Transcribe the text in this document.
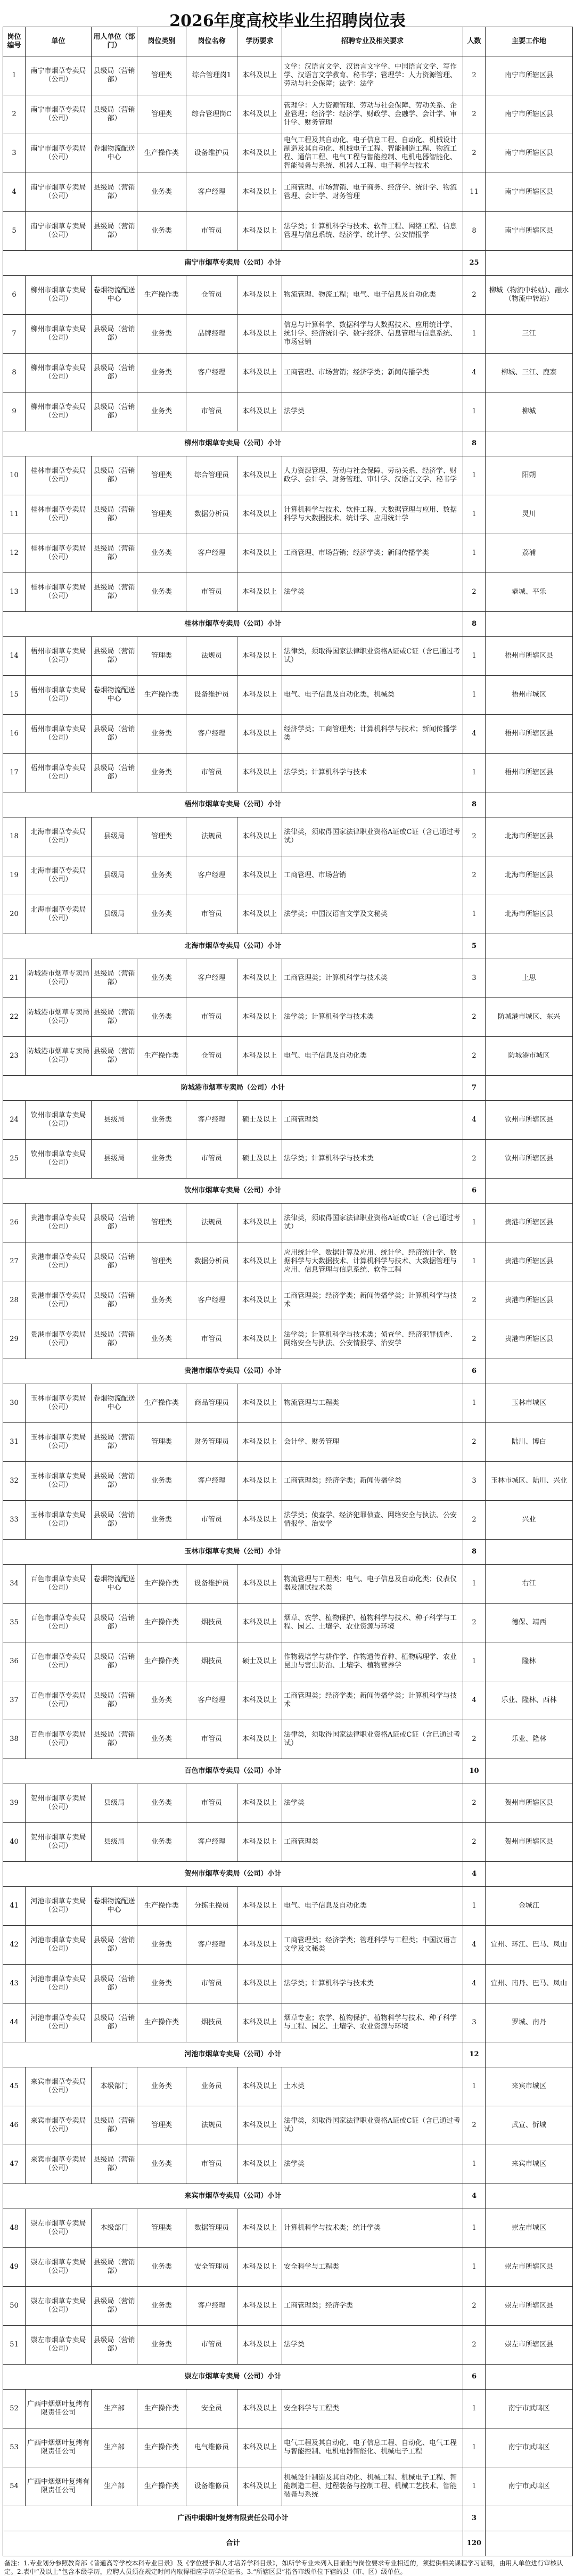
2026年度高校毕业生招聘岗位表
岗位编号	单位	用人单位（部门）	岗位类别	岗位名称	学历要求	招聘专业及相关要求	人数	主要工作地
1	南宁市烟草专卖局（公司）	县级局（营销部）	管理类	综合管理岗1	本科及以上	文学：汉语言文学、汉语言文字学、中国语言文学、写作学、汉语言文学教育、秘书学；管理学：人力资源管理、劳动与社会保障；法学：法学	2	南宁市所辖区县
2	南宁市烟草专卖局（公司）	县级局（营销部）	管理类	综合管理岗C	本科及以上	管理学：人力资源管理、劳动与社会保障、劳动关系、企业管理；经济学：经济学、财政学、金融学、会计学、审计学、财务管理	2	南宁市所辖区县
3	南宁市烟草专卖局（公司）	卷烟物流配送中心	生产操作类	设备维护员	本科及以上	电气工程及其自动化、电子信息工程、自动化、机械设计制造及其自动化、机械电子工程、智能制造工程、物流工程、通信工程、电气工程与智能控制、电机电器智能化、智能装备与系统、机器人工程、电子科学与技术	2	南宁市所辖区县
4	南宁市烟草专卖局（公司）	县级局（营销部）	业务类	客户经理	本科及以上	工商管理、市场营销、电子商务、经济学、统计学、物流管理、会计学、财务管理	11	南宁市所辖区县
5	南宁市烟草专卖局（公司）	县级局（营销部）	业务类	市管员	本科及以上	法学类；计算机科学与技术、软件工程、网络工程、信息管理与信息系统、经济学、统计学、公安情报学	8	南宁市所辖区县
南宁市烟草专卖局（公司）小计							25	
6	柳州市烟草专卖局（公司）	卷烟物流配送中心	生产操作类	仓管员	本科及以上	物流管理、物流工程；电气、电子信息及自动化类	2	柳城（物流中转站）、融水（物流中转站）
7	柳州市烟草专卖局（公司）	县级局（营销部）	业务类	品牌经理	本科及以上	信息与计算科学、数据科学与大数据技术、应用统计学、统计学、经济统计学、数字经济、信息管理与信息系统、市场营销	1	三江
8	柳州市烟草专卖局（公司）	县级局（营销部）	业务类	客户经理	本科及以上	工商管理、市场营销；经济学类；新闻传播学类	4	柳城、三江、鹿寨
9	柳州市烟草专卖局（公司）	县级局（营销部）	业务类	市管员	本科及以上	法学类	1	柳城
柳州市烟草专卖局（公司）小计							8	
10	桂林市烟草专卖局（公司）	县级局（营销部）	管理类	综合管理员	本科及以上	人力资源管理、劳动与社会保障、劳动关系、经济学、财政学、会计学、财务管理、审计学、汉语言文学、秘书学	1	阳朔
11	桂林市烟草专卖局（公司）	县级局（营销部）	管理类	数据分析员	本科及以上	计算机科学与技术、软件工程、大数据管理与应用、数据科学与大数据技术、统计学、应用统计学	1	灵川
12	桂林市烟草专卖局（公司）	县级局（营销部）	业务类	客户经理	本科及以上	工商管理、市场营销；经济学类；新闻传播学类	1	荔浦
13	桂林市烟草专卖局（公司）	县级局（营销部）	业务类	市管员	本科及以上	法学类	2	恭城、平乐
桂林市烟草专卖局（公司）小计							8	
14	梧州市烟草专卖局（公司）	县级局（营销部）	管理类	法规员	本科及以上	法律类，须取得国家法律职业资格A证或C证（含已通过考试）	1	梧州市所辖区县
15	梧州市烟草专卖局（公司）	卷烟物流配送中心	生产操作类	设备维护员	本科及以上	电气、电子信息及自动化类，机械类	1	梧州市城区
16	梧州市烟草专卖局（公司）	县级局（营销部）	业务类	客户经理	本科及以上	经济学类；工商管理类；计算机科学与技术；新闻传播学类	4	梧州市所辖区县
17	梧州市烟草专卖局（公司）	县级局（营销部）	业务类	市管员	本科及以上	法学类；计算机科学与技术	1	梧州市所辖区县
梧州市烟草专卖局（公司）小计							8	
18	北海市烟草专卖局（公司）	县级局	管理类	法规员	本科及以上	法律类，须取得国家法律职业资格A证或C证（含已通过考试）	2	北海市所辖区县
19	北海市烟草专卖局（公司）	县级局	业务类	客户经理	本科及以上	工商管理、市场营销	2	北海市所辖区县
20	北海市烟草专卖局（公司）	县级局	业务类	市管员	本科及以上	法学类；中国汉语言文学及文秘类	1	北海市所辖区县
北海市烟草专卖局（公司）小计							5	
21	防城港市烟草专卖局（公司）	县级局（营销部）	业务类	客户经理	本科及以上	工商管理类；计算机科学与技术类	3	上思
22	防城港市烟草专卖局（公司）	县级局（营销部）	业务类	市管员	本科及以上	法学类；计算机科学与技术类	2	防城港市城区、东兴
23	防城港市烟草专卖局（公司）	县级局（营销部）	生产操作类	仓管员	本科及以上	电气、电子信息及自动化类	2	防城港市城区
防城港市烟草专卖局（公司）小计							7	
24	钦州市烟草专卖局（公司）	县级局	业务类	客户经理	硕士及以上	工商管理类	4	钦州市所辖区县
25	钦州市烟草专卖局（公司）	县级局	业务类	市管员	硕士及以上	法学类；计算机科学与技术类	2	钦州市所辖区县
钦州市烟草专卖局（公司）小计							6	
26	贵港市烟草专卖局（公司）	县级局（营销部）	管理类	法规员	本科及以上	法律类，须取得国家法律职业资格A证或C证（含已通过考试）	1	贵港市所辖区县
27	贵港市烟草专卖局（公司）	县级局（营销部）	管理类	数据分析员	本科及以上	应用统计学、数据计算及应用、统计学、经济统计学、数据科学与大数据技术、计算机科学与技术、大数据管理与应用、信息管理与信息系统、软件工程	1	贵港市所辖区县
28	贵港市烟草专卖局（公司）	县级局（营销部）	业务类	客户经理	本科及以上	工商管理类；经济学类；新闻传播学类；计算机科学与技术	2	贵港市所辖区县
29	贵港市烟草专卖局（公司）	县级局（营销部）	业务类	市管员	本科及以上	法学类；计算机科学与技术类；侦查学、经济犯罪侦查、网络安全与执法、公安情报学、治安学	2	贵港市所辖区县
贵港市烟草专卖局（公司）小计							6	
30	玉林市烟草专卖局（公司）	卷烟物流配送中心	生产操作类	商品管理员	本科及以上	物流管理与工程类	1	玉林市城区
31	玉林市烟草专卖局（公司）	县级局（营销部）	管理类	财务管理员	本科及以上	会计学、财务管理	2	陆川、博白
32	玉林市烟草专卖局（公司）	县级局（营销部）	业务类	客户经理	本科及以上	工商管理类；经济学类；新闻传播学类	3	玉林市城区、陆川、兴业
33	玉林市烟草专卖局（公司）	县级局（营销部）	业务类	市管员	本科及以上	法学类；侦查学、经济犯罪侦查、网络安全与执法、公安情报学、治安学	2	兴业
玉林市烟草专卖局（公司）小计							8	
34	百色市烟草专卖局（公司）	卷烟物流配送中心	生产操作类	设备维护员	本科及以上	物流管理与工程类；电气、电子信息及自动化类；仪表仪器及测试技术类	1	右江
35	百色市烟草专卖局（公司）	县级局（营销部）	生产操作类	烟技员	本科及以上	烟草、农学、植物保护、植物科学与技术、种子科学与工程、园艺、土壤学、农业资源与环境	2	德保、靖西
36	百色市烟草专卖局（公司）	县级局（营销部）	生产操作类	烟技员	硕士及以上	作物栽培学与耕作学、作物遗传育种、植物病理学、农业昆虫与害虫防治、土壤学、植物营养学	1	隆林
37	百色市烟草专卖局（公司）	县级局（营销部）	业务类	客户经理	本科及以上	工商管理类；经济学类；新闻传播学类；计算机科学与技术	4	乐业、隆林、西林
38	百色市烟草专卖局（公司）	县级局（营销部）	业务类	市管员	本科及以上	法律类，须取得国家法律职业资格A证或C证（含已通过考试）	2	乐业、隆林
百色市烟草专卖局（公司）小计							10	
39	贺州市烟草专卖局（公司）	县级局	业务类	市管员	本科及以上	法学类	2	贺州市所辖区县
40	贺州市烟草专卖局（公司）	县级局	业务类	客户经理	本科及以上	工商管理类	2	贺州市所辖区县
贺州市烟草专卖局（公司）小计							4	
41	河池市烟草专卖局（公司）	卷烟物流配送中心	生产操作类	分拣主操员	本科及以上	电气、电子信息及自动化类	1	金城江
42	河池市烟草专卖局（公司）	县级局（营销部）	业务类	客户经理	本科及以上	工商管理类；经济学类；管理科学与工程类；中国汉语言文学及文秘类	4	宜州、环江、巴马、凤山
43	河池市烟草专卖局（公司）	县级局（营销部）	业务类	市管员	本科及以上	法学类；计算机科学与技术类	4	宜州、南丹、巴马、凤山
44	河池市烟草专卖局（公司）	县级局（营销部）	生产操作类	烟技员	本科及以上	烟草专业；农学、植物保护、植物科学与技术、种子科学与工程、园艺、土壤学、农业资源与环境	3	罗城、南丹
河池市烟草专卖局（公司）小计							12	
45	来宾市烟草专卖局（公司）	本级部门	业务类	业务员	本科及以上	土木类	1	来宾市城区
46	来宾市烟草专卖局（公司）	县级局（营销部）	管理类	法规员	本科及以上	法律类，须取得国家法律职业资格A证或C证（含已通过考试）	2	武宣、忻城
47	来宾市烟草专卖局（公司）	县级局（营销部）	业务类	市管员	本科及以上	法学类	1	来宾市城区
来宾市烟草专卖局（公司）小计							4	
48	崇左市烟草专卖局（公司）	本级部门	管理类	数据管理员	本科及以上	计算机科学与技术类；统计学类	1	崇左市城区
49	崇左市烟草专卖局（公司）	县级局（营销部）	业务类	安全管理员	本科及以上	安全科学与工程类	1	崇左市所辖区县
50	崇左市烟草专卖局（公司）	县级局（营销部）	业务类	客户经理	本科及以上	工商管理类；经济学类	2	崇左市所辖区县
51	崇左市烟草专卖局（公司）	县级局（营销部）	业务类	市管员	本科及以上	法学类	2	崇左市所辖区县
崇左市烟草专卖局（公司）小计							6	
52	广西中烟烟叶复烤有限责任公司	生产部	生产操作类	安全员	本科及以上	安全科学与工程类	1	南宁市武鸣区
53	广西中烟烟叶复烤有限责任公司	生产部	生产操作类	电气维修员	本科及以上	电气工程及其自动化、电子信息工程、自动化、电气工程与智能控制、电机电器智能化、机械电子工程	1	南宁市武鸣区
54	广西中烟烟叶复烤有限责任公司	生产部	生产操作类	设备维修员	本科及以上	机械设计制造及其自动化、机械工程、机械电子工程、智能制造工程、过程装备与控制工程、机械工艺技术、智能装备与系统	1	南宁市武鸣区
广西中烟烟叶复烤有限责任公司小计							3	
合计							120	
备注：1.专业划分参照教育部《普通高等学校本科专业目录》及《学位授予和人才培养学科目录》，如所学专业未列入目录但与岗位要求专业相近的，须提供相关课程学习证明，由用人单位进行审核认定。2.表中“及以上”包含本级学历，应聘人员须在规定时间内取得相应学历学位证书。3.“所辖区县”指各市级单位下辖的县（市、区）级单位。
